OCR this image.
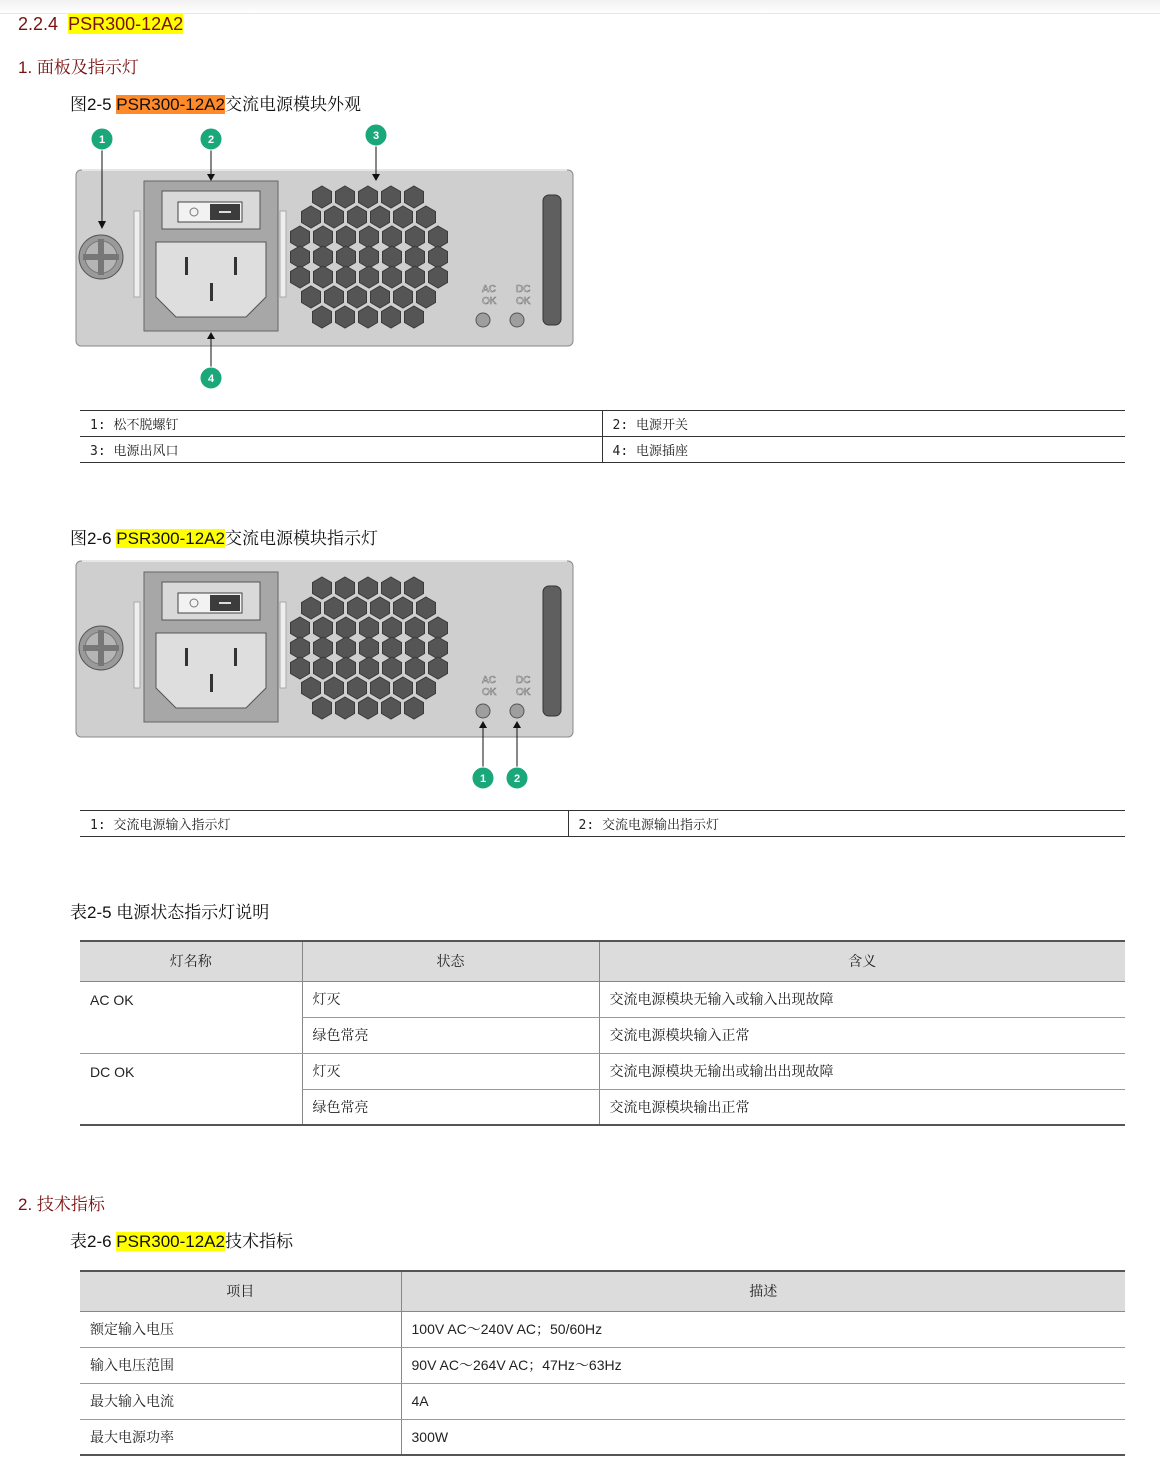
2.2.4 PSR300-12A2
1. 面板及指示灯
图2-5 PSR300-12A2交流电源模块外观
AC
OK
DC
OK
1	2	3
4
1: 松不脱螺钉	2: 电源开关
3: 电源出风口	4: 电源插座
图2-6 PSR300-12A2交流电源模块指示灯
AC
OK
DC
OK
1	2
1: 交流电源输入指示灯	2: 交流电源输出指示灯
表2-5 电源状态指示灯说明
灯名称	状态	含义
AC OK	灯灭	交流电源模块无输入或输入出现故障
	绿色常亮	交流电源模块输入正常
DC OK	灯灭	交流电源模块无输出或输出出现故障
	绿色常亮	交流电源模块输出正常
2. 技术指标
表2-6 PSR300-12A2技术指标
项目	描述
额定输入电压	100V AC～240V AC；50/60Hz
输入电压范围	90V AC～264V AC；47Hz～63Hz
最大输入电流	4A
最大电源功率	300W
